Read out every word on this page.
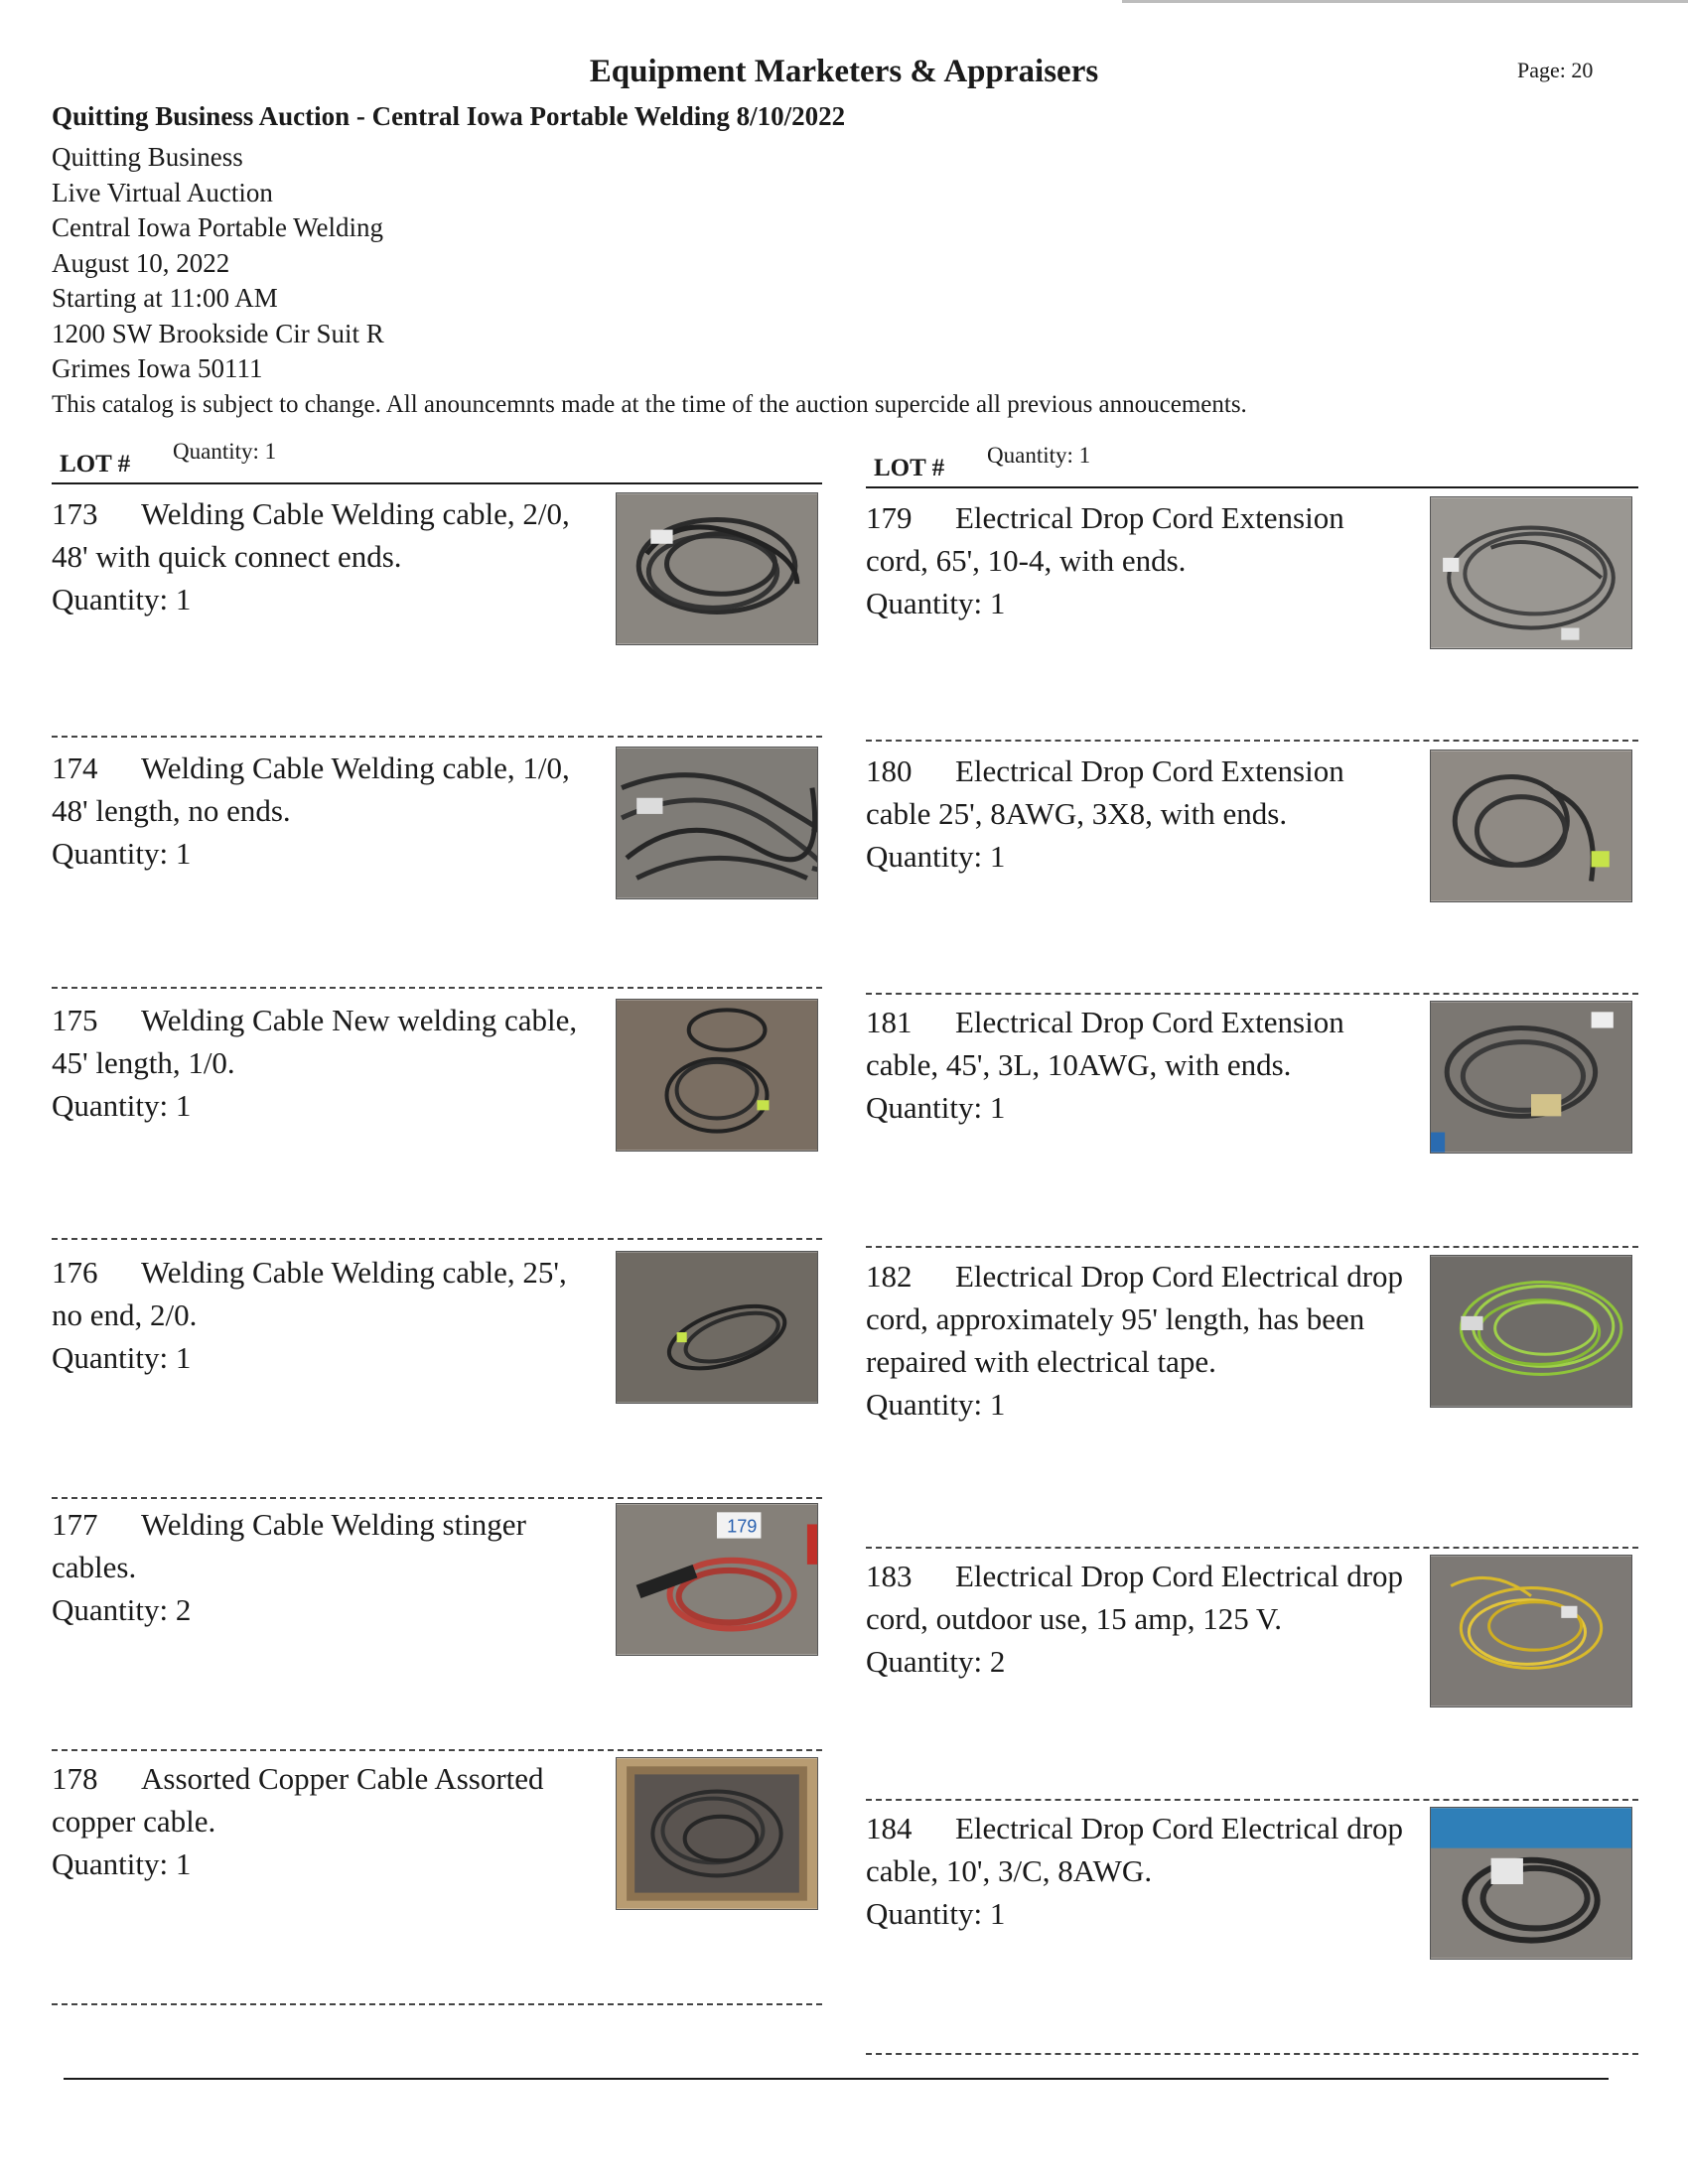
Equipment Marketers & Appraisers	Page: 20
Quitting Business Auction - Central Iowa Portable Welding 8/10/2022
Quitting Business
Live Virtual Auction
Central Iowa Portable Welding
August 10, 2022
Starting at 11:00 AM
1200 SW Brookside Cir Suit R
Grimes Iowa 50111
This catalog is subject to change. All anouncemnts made at the time of the auction supercide all previous annoucements.
LOT # Quantity: 1
LOT # Quantity: 1
173 Welding Cable Welding cable, 2/0, 48' with quick connect ends.
Quantity: 1
174 Welding Cable Welding cable, 1/0, 48' length, no ends.
Quantity: 1
175 Welding Cable New welding cable, 45' length, 1/0.
Quantity: 1
176 Welding Cable Welding cable, 25', no end, 2/0.
Quantity: 1
177 Welding Cable Welding stinger cables.
Quantity: 2
179
178 Assorted Copper Cable Assorted copper cable.
Quantity: 1
179 Electrical Drop Cord Extension cord, 65', 10-4, with ends.
Quantity: 1
180 Electrical Drop Cord Extension cable 25', 8AWG, 3X8, with ends.
Quantity: 1
181 Electrical Drop Cord Extension cable, 45', 3L, 10AWG, with ends.
Quantity: 1
182 Electrical Drop Cord Electrical drop cord, approximately 95' length, has been repaired with electrical tape.
Quantity: 1
183 Electrical Drop Cord Electrical drop cord, outdoor use, 15 amp, 125 V.
Quantity: 2
184 Electrical Drop Cord Electrical drop cable, 10', 3/C, 8AWG.
Quantity: 1
